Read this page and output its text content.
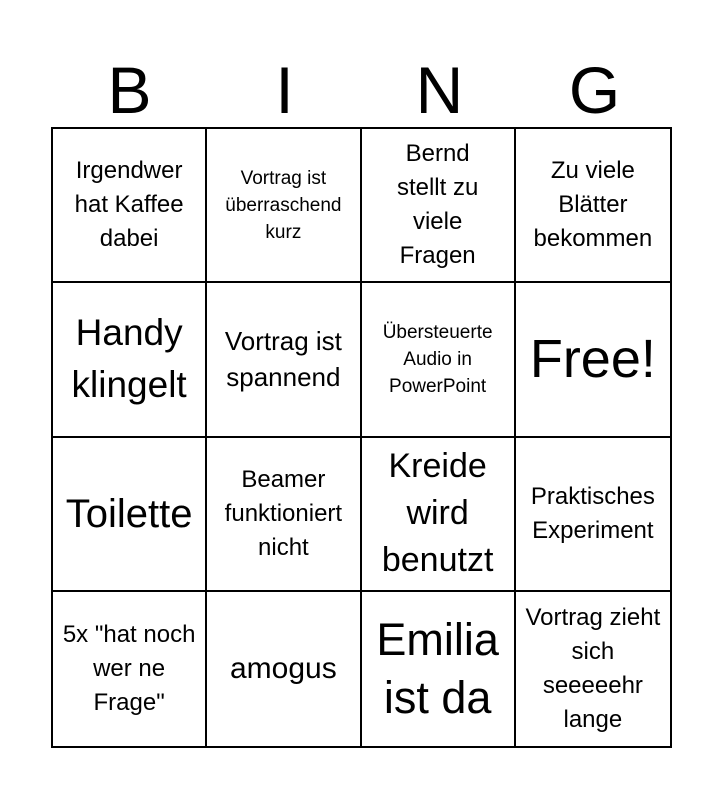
B	I	N	G
Irgendwer hat Kaffee dabei
Vortrag ist überraschend kurz
Bernd stellt zu viele Fragen
Zu viele Blätter bekommen
Handy klingelt
Vortrag ist spannend
Übersteuerte Audio in PowerPoint Free!
Toilette
Beamer funktioniert nicht
Kreide wird benutzt
Praktisches Experiment
5x "hat noch wer ne Frage"
amogus
Emilia ist da
Vortrag zieht sich seeeeehr lange
